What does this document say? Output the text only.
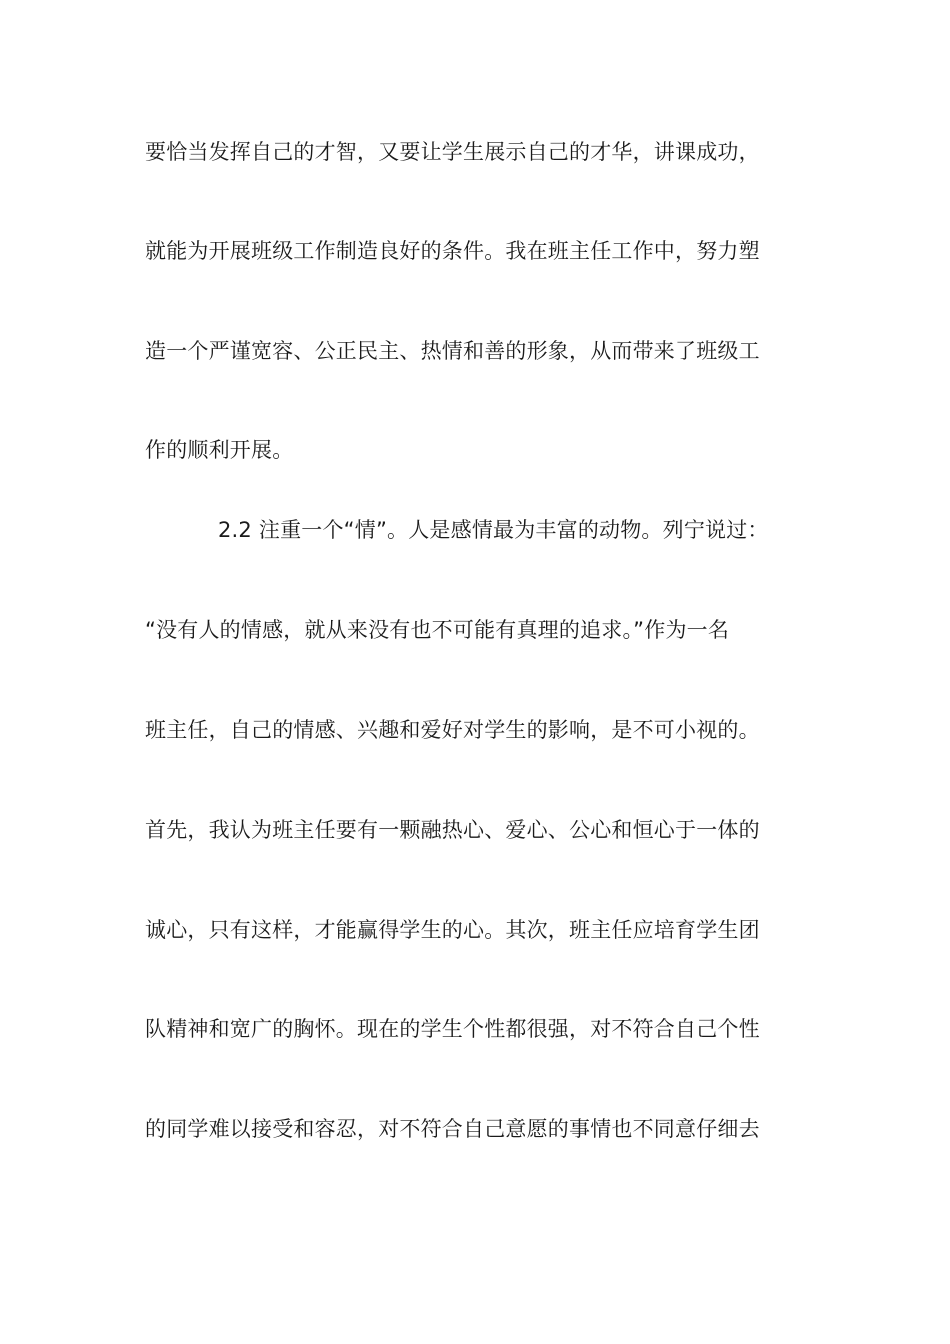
要恰当发挥自己的才智，又要让学生展示自己的才华，讲课成功，
就能为开展班级工作制造良好的条件。我在班主任工作中，努力塑
造一个严谨宽容、公正民主、热情和善的形象，从而带来了班级工
作的顺利开展。
2.2 注重一个“情”。人是感情最为丰富的动物。列宁说过：
“没有人的情感，就从来没有也不可能有真理的追求。”作为一名
班主任，自己的情感、兴趣和爱好对学生的影响，是不可小视的。
首先，我认为班主任要有一颗融热心、爱心、公心和恒心于一体的
诚心，只有这样，才能赢得学生的心。其次，班主任应培育学生团
队精神和宽广的胸怀。现在的学生个性都很强，对不符合自己个性
的同学难以接受和容忍，对不符合自己意愿的事情也不同意仔细去
